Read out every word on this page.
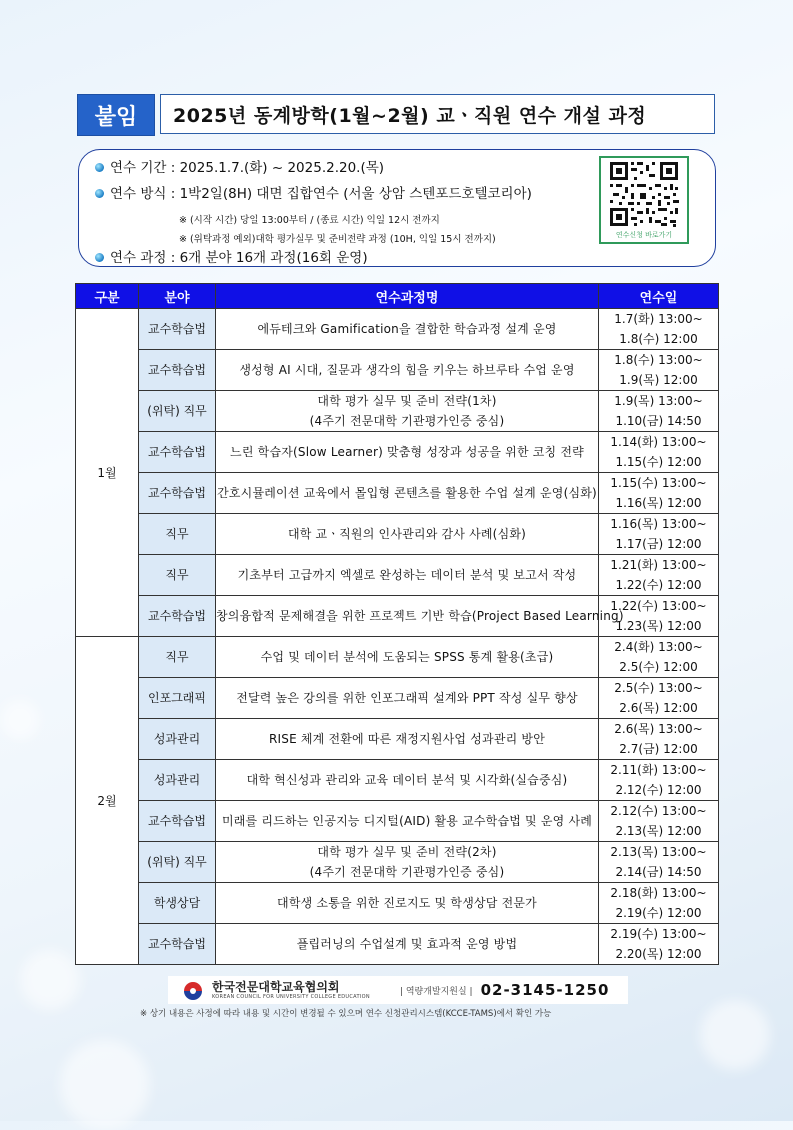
붙임	2025년 동계방학(1월~2월) 교ㆍ직원 연수 개설 과정
연수 기간 : 2025.1.7.(화) ~ 2025.2.20.(목)
연수 방식 : 1박2일(8H) 대면 집합연수 (서울 상암 스텐포드호텔코리아)
※ (시작 시간) 당일 13:00부터 / (종료 시간) 익일 12시 전까지
※ (위탁과정 예외)대학 평가실무 및 준비전략 과정 (10H, 익일 15시 전까지)
연수 과정 : 6개 분야 16개 과정(16회 운영)
연수신청 바로가기
구분	분야	연수과정명	연수일
1월	교수학습법	에듀테크와 Gamification을 결합한 학습과정 설계 운영	1.7(화) 13:00~
1.8(수) 12:00

	교수학습법	생성형 AI 시대, 질문과 생각의 힘을 키우는 하브루타 수업 운영	1.8(수) 13:00~
1.9(목) 12:00

	(위탁) 직무	대학 평가 실무 및 준비 전략(1차)
(4주기 전문대학 기관평가인증 중심)	1.9(목) 13:00~
1.10(금) 14:50

	교수학습법	느린 학습자(Slow Learner) 맞춤형 성장과 성공을 위한 코칭 전략	1.14(화) 13:00~
1.15(수) 12:00

	교수학습법	간호시뮬레이션 교육에서 몰입형 콘텐츠를 활용한 수업 설계 운영(심화)	1.15(수) 13:00~
1.16(목) 12:00

	직무	대학 교ㆍ직원의 인사관리와 감사 사례(심화)	1.16(목) 13:00~
1.17(금) 12:00

	직무	기초부터 고급까지 엑셀로 완성하는 데이터 분석 및 보고서 작성	1.21(화) 13:00~
1.22(수) 12:00

	교수학습법	창의융합적 문제해결을 위한 프로젝트 기반 학습(Project Based Learning)	1.22(수) 13:00~
1.23(목) 12:00

2월	직무	수업 및 데이터 분석에 도움되는 SPSS 통계 활용(초급)	2.4(화) 13:00~
2.5(수) 12:00

	인포그래픽	전달력 높은 강의를 위한 인포그래픽 설계와 PPT 작성 실무 향상	2.5(수) 13:00~
2.6(목) 12:00

	성과관리	RISE 체계 전환에 따른 재정지원사업 성과관리 방안	2.6(목) 13:00~
2.7(금) 12:00

	성과관리	대학 혁신성과 관리와 교육 데이터 분석 및 시각화(실습중심)	2.11(화) 13:00~
2.12(수) 12:00

	교수학습법	미래를 리드하는 인공지능 디지털(AID) 활용 교수학습법 및 운영 사례	2.12(수) 13:00~
2.13(목) 12:00

	(위탁) 직무	대학 평가 실무 및 준비 전략(2차)
(4주기 전문대학 기관평가인증 중심)	2.13(목) 13:00~
2.14(금) 14:50

	학생상담	대학생 소통을 위한 진로지도 및 학생상담 전문가	2.18(화) 13:00~
2.19(수) 12:00

	교수학습법	플립러닝의 수업설계 및 효과적 운영 방법	2.19(수) 13:00~
2.20(목) 12:00
한국전문대학교육협의회
KOREAN COUNCIL FOR UNIVERSITY COLLEGE EDUCATION	| 역량개발지원실 | 02-3145-1250
※ 상기 내용은 사정에 따라 내용 및 시간이 변경될 수 있으며 연수 신청관리시스템(KCCE-TAMS)에서 확인 가능
